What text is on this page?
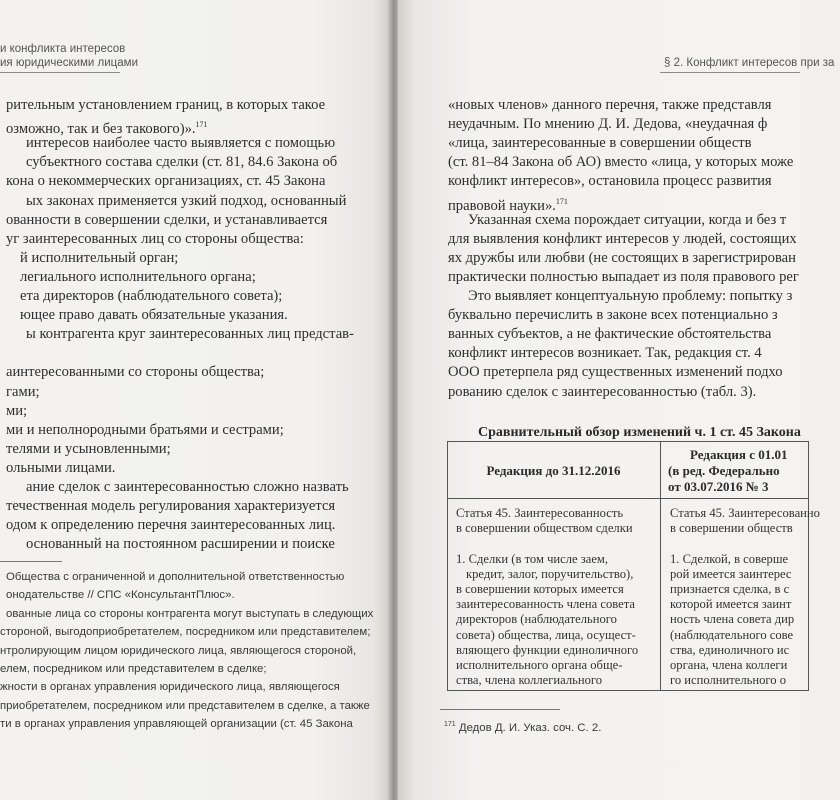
и конфликта интересов
ия юридическими лицами
рительным установлением границ, в которых такое
озможно, так и без такового)».$^{171}$
интересов наиболее часто выявляется с помощью
субъектного состава сделки (ст. 81, 84.6 Закона об
кона о некоммерческих организациях, ст. 45 Закона
ых законах применяется узкий подход, основанный
ованности в совершении сделки, и устанавливается
уг заинтересованных лиц со стороны общества:
й исполнительный орган;
легиального исполнительного органа;
ета директоров (наблюдательного совета);
ющее право давать обязательные указания.
ы контрагента круг заинтересованных лиц представ-
аинтересованными со стороны общества;
гами;
ми;
ми и неполнородными братьями и сестрами;
телями и усыновленными;
ольными лицами.
ание сделок с заинтересованностью сложно назвать
течественная модель регулирования характеризуется
одом к определению перечня заинтересованных лиц.
основанный на постоянном расширении и поиске
Общества с ограниченной и дополнительной ответственностью
онодательстве // СПС «КонсультантПлюс».
ованные лица со стороны контрагента могут выступать в следующих
стороной, выгодоприобретателем, посредником или представителем;
нтролирующим лицом юридического лица, являющегося стороной,
елем, посредником или представителем в сделке;
жности в органах управления юридического лица, являющегося
приобретателем, посредником или представителем в сделке, а также
ти в органах управления управляющей организации (ст. 45 Закона
§ 2. Конфликт интересов при за
«новых членов» данного перечня, также представля
неудачным. По мнению Д. И. Дедова, «неудачная ф
«лица, заинтересованные в совершении обществ
(ст. 81–84 Закона об АО) вместо «лица, у которых може
конфликт интересов», остановила процесс развития
правовой науки».$^{171}$
Указанная схема порождает ситуации, когда и без т
для выявления конфликт интересов у людей, состоящих
ях дружбы или любви (не состоящих в зарегистрирован
практически полностью выпадает из поля правового рег
Это выявляет концептуальную проблему: попытку з
буквально перечислить в законе всех потенциально з
ванных субъектов, а не фактические обстоятельства
конфликт интересов возникает. Так, редакция ст. 4
ООО претерпела ряд существенных изменений подхо
рованию сделок с заинтересованностью (табл. 3).
Сравнительный обзор изменений ч. 1 ст. 45 Закона
Редакция до 31.12.2016
Редакция с 01.01
(в ред. Федерально
от 03.07.2016 № 3
Статья 45. Заинтересованность
в совершении обществом сделки
1. Сделки (в том числе заем,
кредит, залог, поручительство),
в совершении которых имеется
заинтересованность члена совета
директоров (наблюдательного
совета) общества, лица, осущест-
вляющего функции единоличного
исполнительного органа обще-
ства, члена коллегиального
Статья 45. Заинтересованно
в совершении обществ
1. Сделкой, в соверше
рой имеется заинтерес
признается сделка, в с
которой имеется заинт
ность члена совета дир
(наблюдательного сове
ства, единоличного ис
органа, члена коллеги
го исполнительного о
$^{171}$ Дедов Д. И. Указ. соч. С. 2.
